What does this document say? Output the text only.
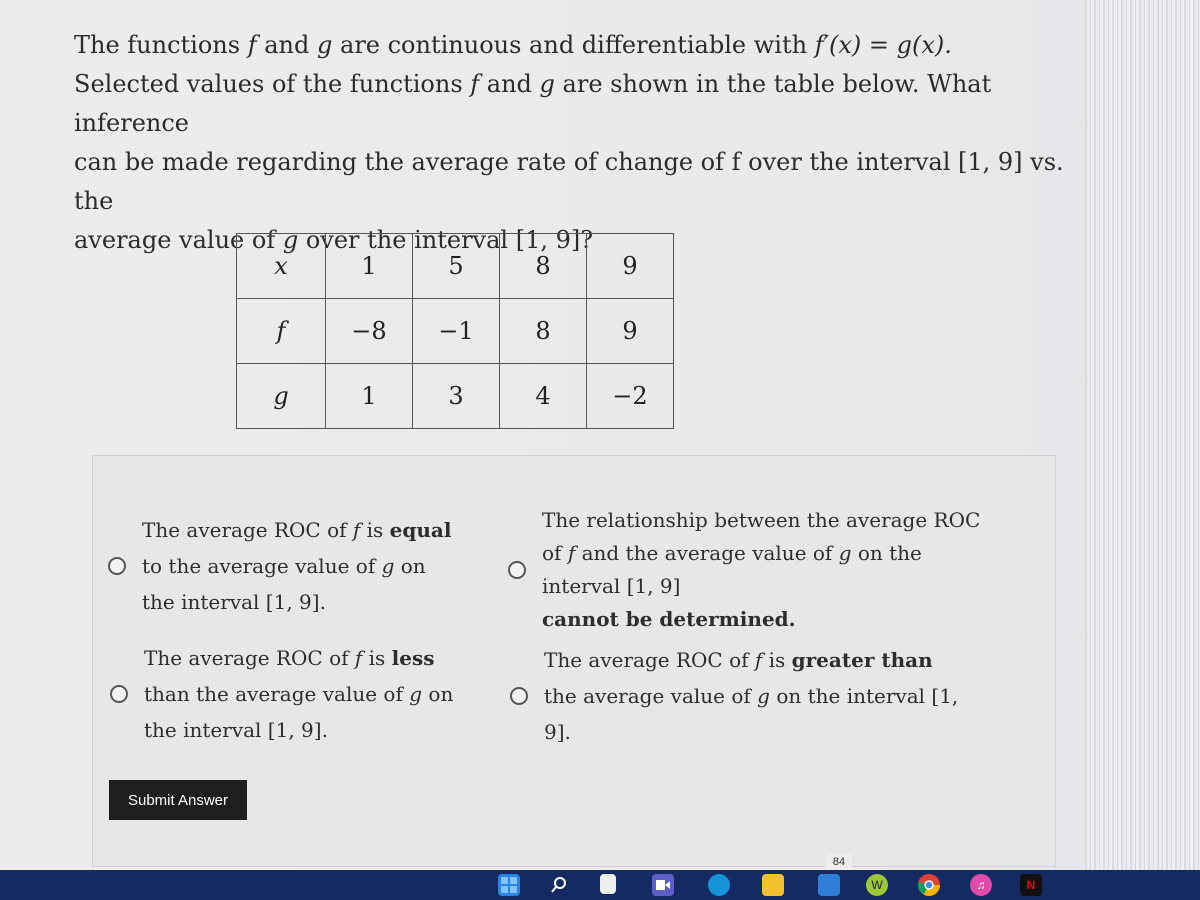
The functions f and g are continuous and differentiable with f′(x) = g(x).
Selected values of the functions f and g are shown in the table below. What inference
can be made regarding the average rate of change of f over the interval [1, 9] vs. the
average value of g over the interval [1, 9]?
x	1	5	8	9
f	−8	−1	8	9
g	1	3	4	−2
The average ROC of f is equal to the average value of g on the interval [1, 9].
The relationship between the average ROC of f and the average value of g on the interval [1, 9]
cannot be determined.
The average ROC of f is less than the average value of g on the interval [1, 9].
The average ROC of f is greater than the average value of g on the interval [1, 9].
Submit Answer
84
W	♫	N
